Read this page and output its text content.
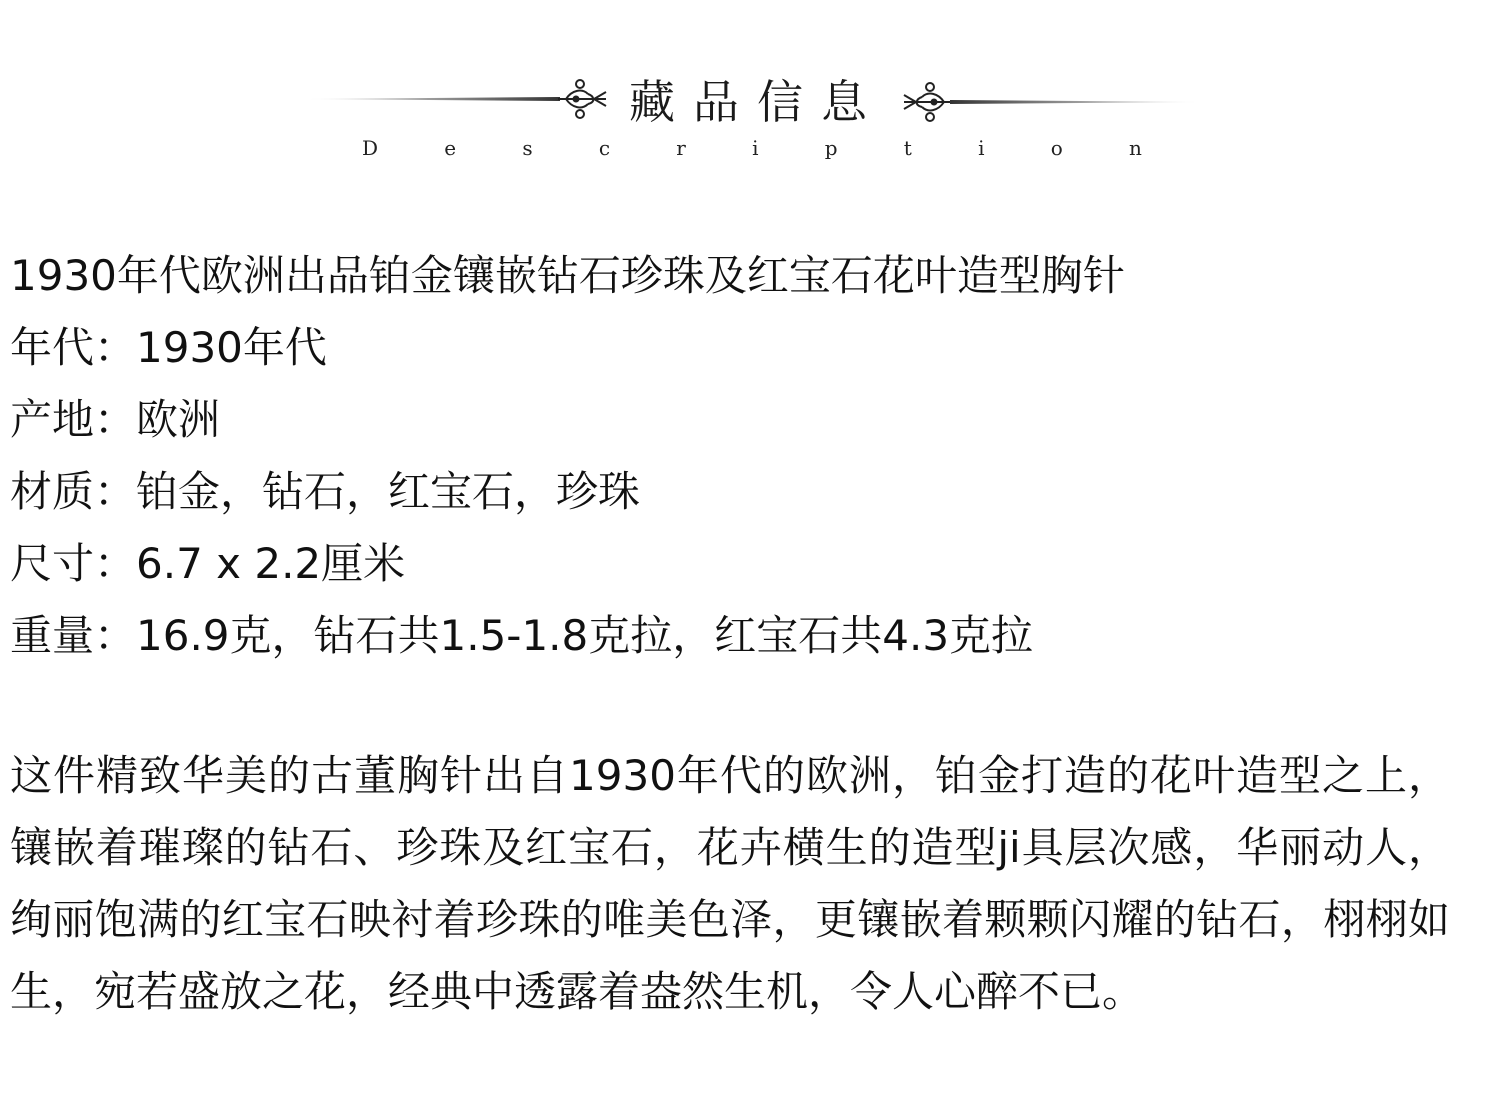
藏品信息
D	e	s	c	r	i	p	t	i	o	n
1930年代欧洲出品铂金镶嵌钻石珍珠及红宝石花叶造型胸针
年代：1930年代
产地：欧洲
材质：铂金，钻石，红宝石，珍珠
尺寸：6.7 x 2.2厘米
重量：16.9克，钻石共1.5-1.8克拉，红宝石共4.3克拉
这件精致华美的古董胸针出自1930年代的欧洲，铂金打造的花叶造型之上，镶嵌着璀璨的钻石、珍珠及红宝石，花卉横生的造型ji具层次感，华丽动人，绚丽饱满的红宝石映衬着珍珠的唯美色泽，更镶嵌着颗颗闪耀的钻石，栩栩如生，宛若盛放之花，经典中透露着盎然生机，令人心醉不已。
